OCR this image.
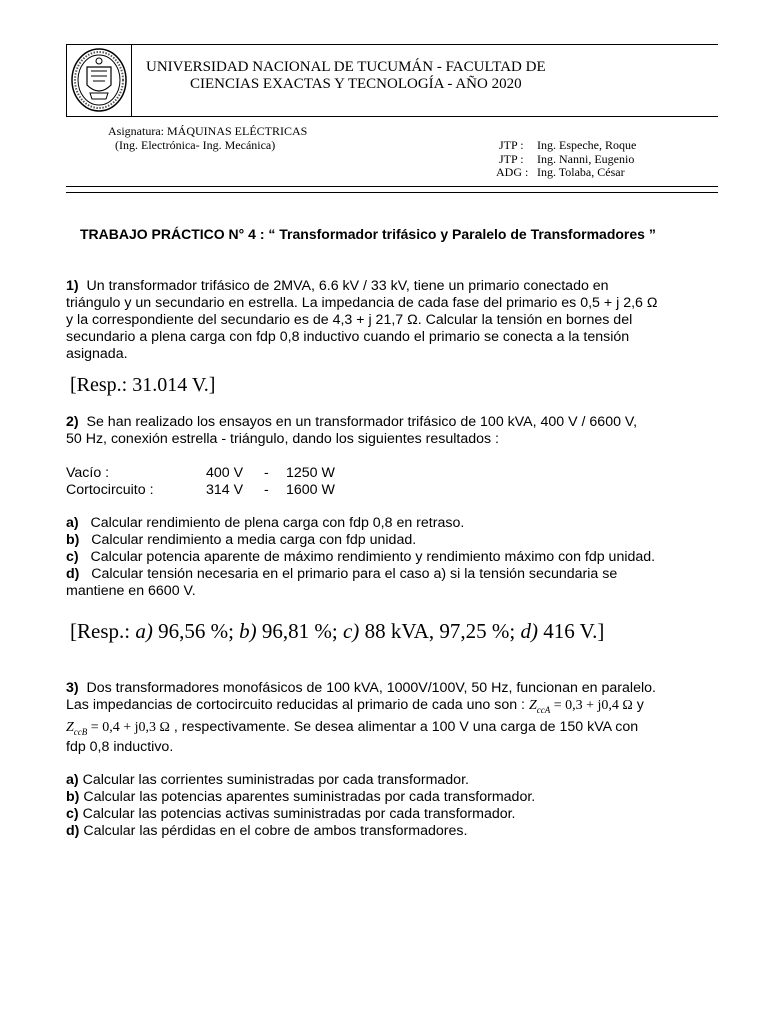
UNIVERSIDAD NACIONAL DE TUCUMÁN - FACULTAD DE
CIENCIAS EXACTAS Y TECNOLOGÍA - AÑO 2020
Asignatura: MÁQUINAS ELÉCTRICAS
(Ing. Electrónica- Ing. Mecánica)	JTP : Ing. Espeche, Roque
JTP : Ing. Nanni, Eugenio
ADG : Ing. Tolaba, César
TRABAJO PRÁCTICO N° 4 : “ Transformador trifásico y Paralelo de Transformadores ”
1) Un transformador trifásico de 2MVA, 6.6 kV / 33 kV, tiene un primario conectado en
triángulo y un secundario en estrella. La impedancia de cada fase del primario es 0,5 + j 2,6 Ω
y la correspondiente del secundario es de 4,3 + j 21,7 Ω. Calcular la tensión en bornes del
secundario a plena carga con fdp 0,8 inductivo cuando el primario se conecta a la tensión
asignada.
[Resp.: 31.014 V.]
2) Se han realizado los ensayos en un transformador trifásico de 100 kVA, 400 V / 6600 V,
50 Hz, conexión estrella - triángulo, dando los siguientes resultados :
Vacío :	400 V - 1250 W
Cortocircuito :	314 V - 1600 W
a) Calcular rendimiento de plena carga con fdp 0,8 en retraso.
b) Calcular rendimiento a media carga con fdp unidad.
c) Calcular potencia aparente de máximo rendimiento y rendimiento máximo con fdp unidad.
d) Calcular tensión necesaria en el primario para el caso a) si la tensión secundaria se
mantiene en 6600 V.
[Resp.: a) 96,56 %; b) 96,81 %; c) 88 kVA, 97,25 %; d) 416 V.]
3) Dos transformadores monofásicos de 100 kVA, 1000V/100V, 50 Hz, funcionan en paralelo.
Las impedancias de cortocircuito reducidas al primario de cada uno son : $Z_{ccA} = 0,3 + j0,4$ Ω y
$Z_{ccB} = 0,4 + j0,3$ Ω , respectivamente. Se desea alimentar a 100 V una carga de 150 kVA con
fdp 0,8 inductivo.
a) Calcular las corrientes suministradas por cada transformador.
b) Calcular las potencias aparentes suministradas por cada transformador.
c) Calcular las potencias activas suministradas por cada transformador.
d) Calcular las pérdidas en el cobre de ambos transformadores.
